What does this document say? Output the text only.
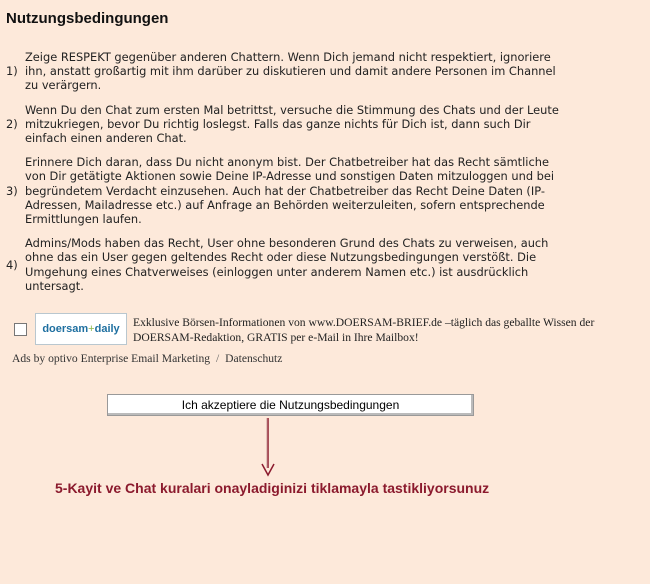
Nutzungsbedingungen
1)
Zeige RESPEKT gegenüber anderen Chattern. Wenn Dich jemand nicht respektiert, ignoriere ihn, anstatt großartig mit ihm darüber zu diskutieren und damit andere Personen im Channel zu verärgern.
2)
Wenn Du den Chat zum ersten Mal betrittst, versuche die Stimmung des Chats und der Leute mitzukriegen, bevor Du richtig loslegst. Falls das ganze nichts für Dich ist, dann such Dir einfach einen anderen Chat.
3)
Erinnere Dich daran, dass Du nicht anonym bist. Der Chatbetreiber hat das Recht sämtliche von Dir getätigte Aktionen sowie Deine IP-Adresse und sonstigen Daten mitzuloggen und bei begründetem Verdacht einzusehen. Auch hat der Chatbetreiber das Recht Deine Daten (IP-Adressen, Mailadresse etc.) auf Anfrage an Behörden weiterzuleiten, sofern entsprechende Ermittlungen laufen.
4)
Admins/Mods haben das Recht, User ohne besonderen Grund des Chats zu verweisen, auch ohne das ein User gegen geltendes Recht oder diese Nutzungsbedingungen verstößt. Die Umgehung eines Chatverweises (einloggen unter anderem Namen etc.) ist ausdrücklich untersagt.
doersam + daily Exklusive Börsen-Informationen von www.DOERSAM-BRIEF.de –täglich das geballte Wissen der DOERSAM-Redaktion, GRATIS per e-Mail in Ihre Mailbox!
Ads by optivo Enterprise Email Marketing / Datenschutz
Ich akzeptiere die Nutzungsbedingungen
5-Kayit ve Chat kuralari onayladiginizi tiklamayla tastikliyorsunuz
